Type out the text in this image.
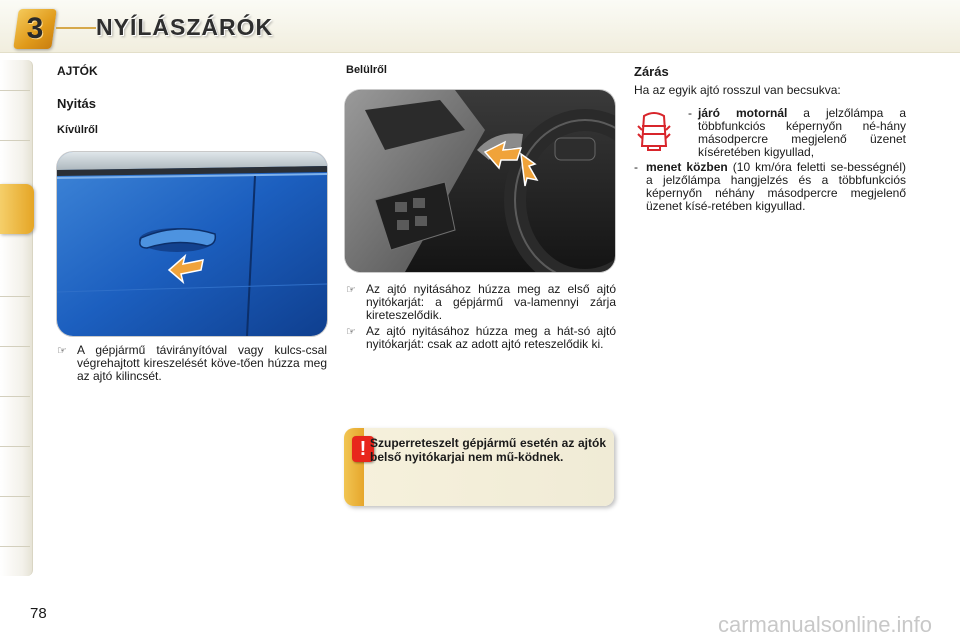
3	NYÍLÁSZÁRÓK
AJTÓK
Nyitás
Kívülről
☞ A gépjármű távirányítóval vagy kulcs-csal végrehajtott kireszelését köve-tően húzza meg az ajtó kilincsét.
Belülről
☞ Az ajtó nyitásához húzza meg az első ajtó nyitókarját: a gépjármű va-lamennyi zárja kireteszelődik.
☞ Az ajtó nyitásához húzza meg a hát-só ajtó nyitókarját: csak az adott ajtó reteszelődik ki.
! Szuperreteszelt gépjármű esetén az ajtók belső nyitókarjai nem mű-ködnek.
Zárás
Ha az egyik ajtó rosszul van becsukva:
- járó motornál a jelzőlámpa a többfunkciós képernyőn né-hány másodpercre megjelenő üzenet kíséretében kigyullad,
- menet közben (10 km/óra feletti se-bességnél) a jelzőlámpa hangjelzés és a többfunkciós képernyőn néhány másodpercre megjelenő üzenet kísé-retében kigyullad.
78	carmanualsonline.info
